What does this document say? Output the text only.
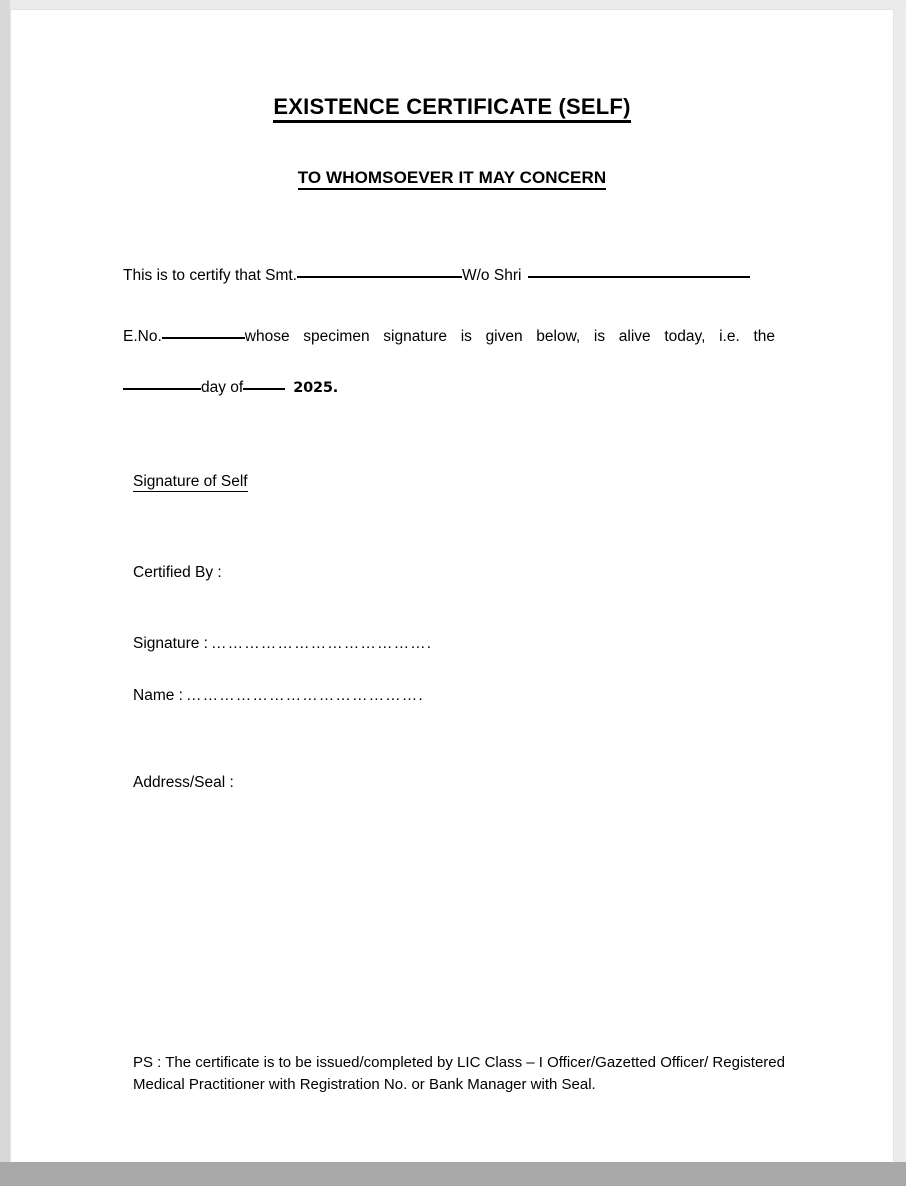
EXISTENCE CERTIFICATE (SELF)
TO WHOMSOEVER IT MAY CONCERN
This is to certify that Smt.	W/o Shri
E.No.	whose specimen signature is given below, is alive today, i.e. the
day of	2025.
Signature of Self
Certified By :
Signature : ………………………………….
Name : …………………………………….
Address/Seal :
PS : The certificate is to be issued/completed by LIC Class – I Officer/Gazetted Officer/ Registered Medical Practitioner with Registration No. or Bank Manager with Seal.
